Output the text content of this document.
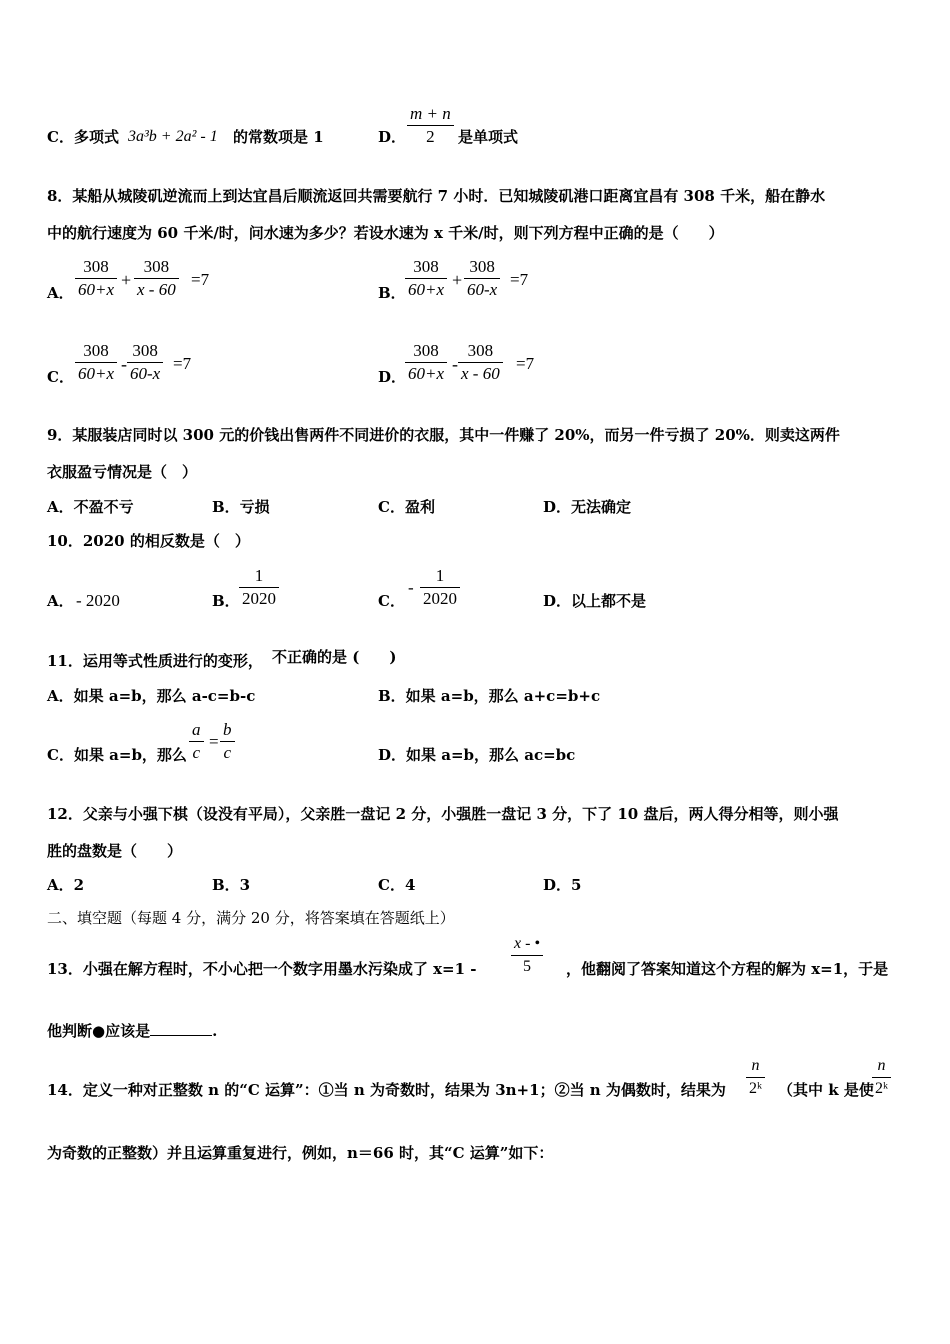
C．多项式 3a³b + 2a² - 1 的常数项是 1	D． $\frac{m + n}{2}$ 是单项式
8．某船从城陵矶逆流而上到达宜昌后顺流返回共需要航行 7 小时．已知城陵矶港口距离宜昌有 308 千米，船在静水
中的航行速度为 60 千米/时，问水速为多少？若设水速为 x 千米/时，则下列方程中正确的是（　　）
A． $\frac{308}{60+x} + \frac{308}{x - 60} =7$
B． $\frac{308}{60+x} + \frac{308}{60-x} =7$
C． $\frac{308}{60+x} - \frac{308}{60-x} =7$
D．
$\frac{308}{60+x} - \frac{308}{x - 60} =7$
9．某服装店同时以 300 元的价钱出售两件不同进价的衣服，其中一件赚了 20%，而另一件亏损了 20%．则卖这两件
衣服盈亏情况是（　）
A．不盈不亏	B．亏损	C．盈利	D．无法确定
10．2020 的相反数是（　）
A． - 2020	B． $\frac{1}{2020}$	C．
- $\frac{1}{2020}$	D．以上都不是
11．运用等式性质进行的变形， 不正确的是 (　　)
A．如果 a=b，那么 a-c=b-c	B．如果 a=b，那么 a+c=b+c
C．如果 a=b，那么 $\frac{a}{c} = \frac{b}{c}$	D．如果 a=b，那么 ac=bc
12．父亲与小强下棋（设没有平局），父亲胜一盘记 2 分，小强胜一盘记 3 分，下了 10 盘后，两人得分相等，则小强
胜的盘数是（　　）
A．2	B．3	C．4	D．5
二、填空题（每题 4 分，满分 20 分，将答案填在答题纸上）
13．小强在解方程时，不小心把一个数字用墨水污染成了 $x=1 - \frac{x - •}{5}$ ，他翻阅了答案知道这个方程的解为 x=1，于是
他判断●应该是	.
14．定义一种对正整数 n 的“C 运算”：①当 n 为奇数时，结果为 3n+1；②当 n 为偶数时，结果为 $\frac{n}{\text{2ᵏ}}$ （其中 k 是使
$\frac{n}{\text{2ᵏ}}$
为奇数的正整数）并且运算重复进行，例如，n＝66 时，其“C 运算”如下：
